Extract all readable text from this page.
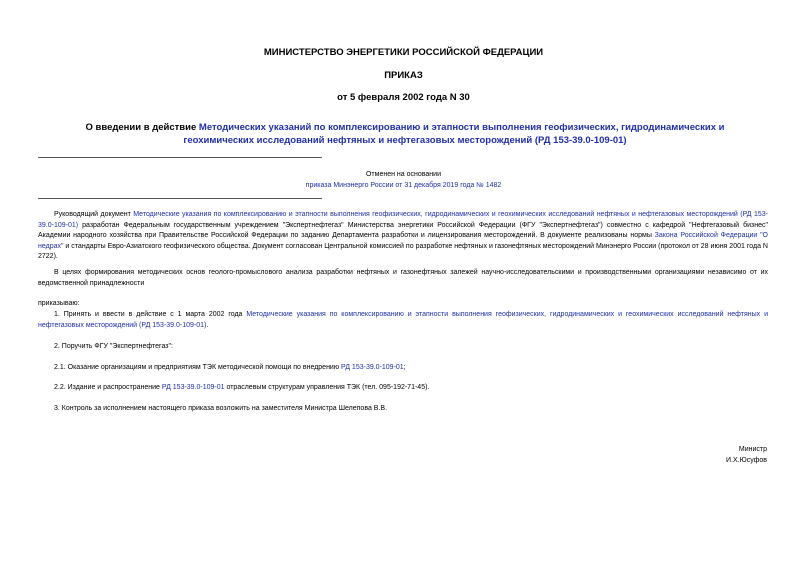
МИНИСТЕРСТВО ЭНЕРГЕТИКИ РОССИЙСКОЙ ФЕДЕРАЦИИ
ПРИКАЗ
от 5 февраля 2002 года N 30
О введении в действие Методических указаний по комплексированию и этапности выполнения геофизических, гидродинамических и геохимических исследований нефтяных и нефтегазовых месторождений (РД 153-39.0-109-01)
Отменен на основании
приказа Минэнерго России от 31 декабря 2019 года № 1482
Руководящий документ Методические указания по комплексированию и этапности выполнения геофизических, гидродинамических и геохимических исследований нефтяных и нефтегазовых месторождений (РД 153-39.0-109-01) разработан Федеральным государственным учреждением "Экспертнефтегаз" Министерства энергетики Российской Федерации (ФГУ "Экспертнефтегаз") совместно с кафедрой "Нефтегазовый бизнес" Академии народного хозяйства при Правительстве Российской Федерации по заданию Департамента разработки и лицензирования месторождений. В документе реализованы нормы Закона Российской Федерации "О недрах" и стандарты Евро-Азиатского геофизического общества. Документ согласован Центральной комиссией по разработке нефтяных и газонефтяных месторождений Минэнерго России (протокол от 28 июня 2001 года N 2722).
В целях формирования методических основ геолого-промыслового анализа разработки нефтяных и газонефтяных залежей научно-исследовательскими и производственными организациями независимо от их ведомственной принадлежности
приказываю:
1. Принять и ввести в действие с 1 марта 2002 года Методические указания по комплексированию и этапности выполнения геофизических, гидродинамических и геохимических исследований нефтяных и нефтегазовых месторождений (РД 153-39.0-109-01).
2. Поручить ФГУ "Экспертнефтегаз":
2.1. Оказание организациям и предприятиям ТЭК методической помощи по внедрению РД 153-39.0-109-01;
2.2. Издание и распространение РД 153-39.0-109-01 отраслевым структурам управления ТЭК (тел. 095-192-71-45).
3. Контроль за исполнением настоящего приказа возложить на заместителя Министра Шелепова В.В.
Министр
И.Х.Юсуфов
